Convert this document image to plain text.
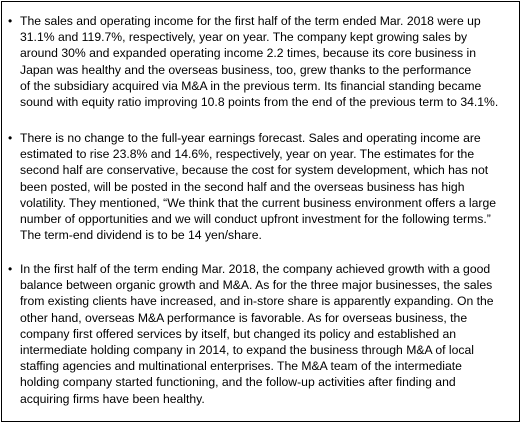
• The sales and operating income for the first half of the term ended Mar. 2018 were up
31.1% and 119.7%, respectively, year on year. The company kept growing sales by
around 30% and expanded operating income 2.2 times, because its core business in
Japan was healthy and the overseas business, too, grew thanks to the performance
of the subsidiary acquired via M&A in the previous term. Its financial standing became
sound with equity ratio improving 10.8 points from the end of the previous term to 34.1%.

• There is no change to the full-year earnings forecast. Sales and operating income are
estimated to rise 23.8% and 14.6%, respectively, year on year. The estimates for the
second half are conservative, because the cost for system development, which has not
been posted, will be posted in the second half and the overseas business has high
volatility. They mentioned, “We think that the current business environment offers a large
number of opportunities and we will conduct upfront investment for the following terms.”
The term-end dividend is to be 14 yen/share.

• In the first half of the term ending Mar. 2018, the company achieved growth with a good
balance between organic growth and M&A. As for the three major businesses, the sales
from existing clients have increased, and in-store share is apparently expanding. On the
other hand, overseas M&A performance is favorable. As for overseas business, the
company first offered services by itself, but changed its policy and established an
intermediate holding company in 2014, to expand the business through M&A of local
staffing agencies and multinational enterprises. The M&A team of the intermediate
holding company started functioning, and the follow-up activities after finding and
acquiring firms have been healthy.
